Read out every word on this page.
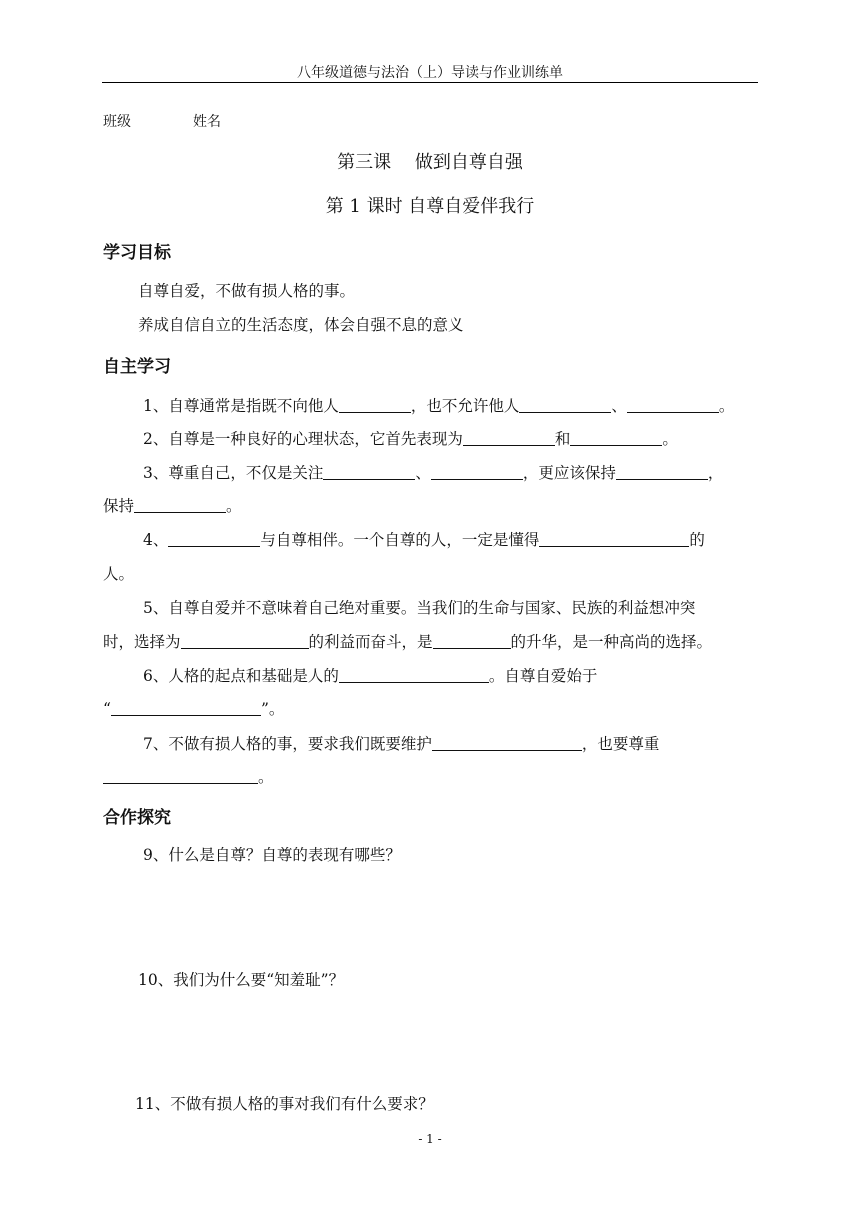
八年级道德与法治（上）导读与作业训练单
班级	姓名
第三课　 做到自尊自强
第 1 课时 自尊自爱伴我行
学习目标
自尊自爱，不做有损人格的事。
养成自信自立的生活态度，体会自强不息的意义
自主学习
1、自尊通常是指既不向他人	，也不允许他人	、	。
2、自尊是一种良好的心理状态，它首先表现为	和	。
3、尊重自己，不仅是关注	、	，更应该保持	，
保持	。
4、	与自尊相伴。一个自尊的人，一定是懂得	的
人。
5、自尊自爱并不意味着自己绝对重要。当我们的生命与国家、民族的利益想冲突
时，选择为	的利益而奋斗，是	的升华，是一种高尚的选择。
6、人格的起点和基础是人的	。自尊自爱始于
“	”。
7、不做有损人格的事，要求我们既要维护	，也要尊重
。
合作探究
9、什么是自尊？自尊的表现有哪些？
10、我们为什么要“知羞耻”？
11、不做有损人格的事对我们有什么要求？
- 1 -
